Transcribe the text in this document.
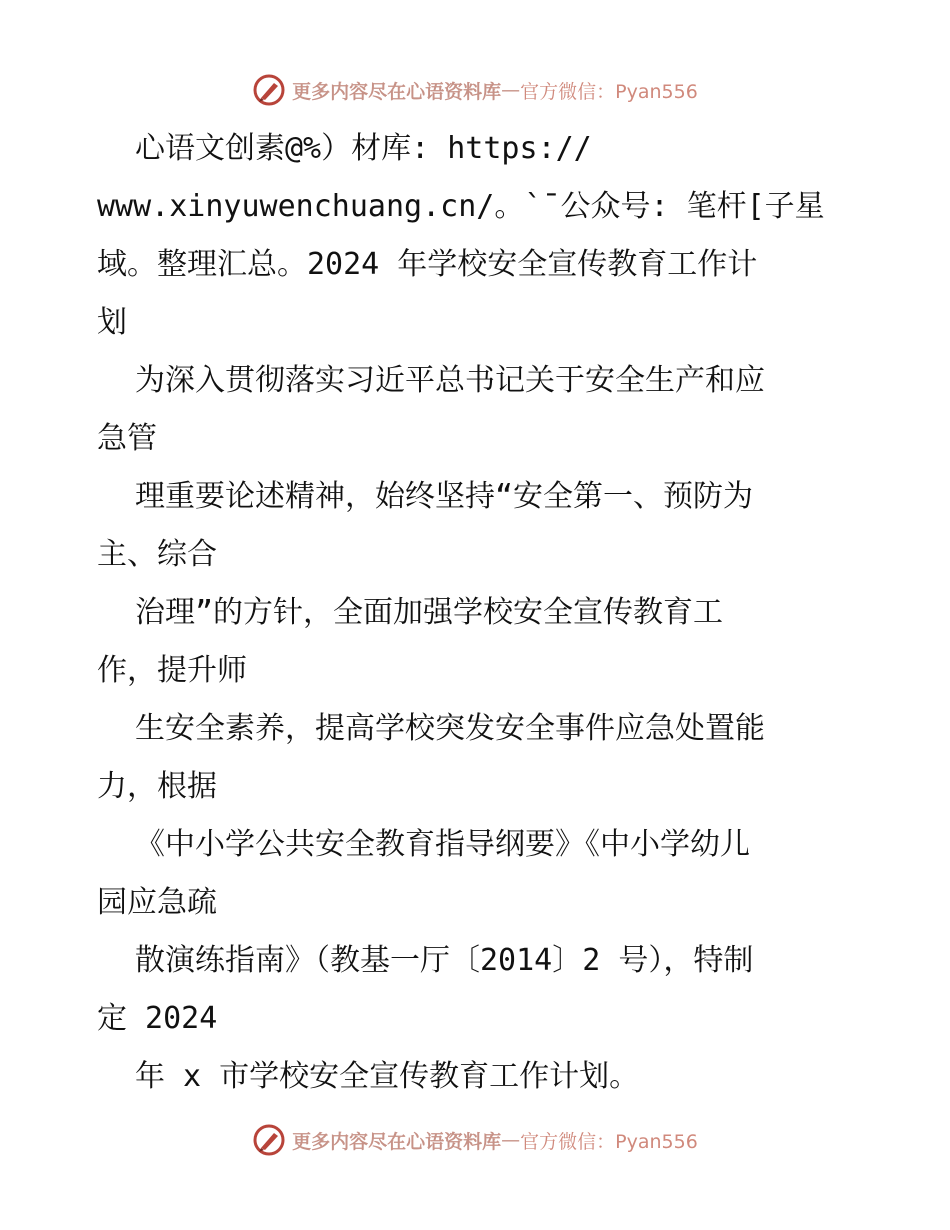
更多内容尽在心语资料库 — 官方微信：Pyan556
心语文创素@%）材库: https://
www.xinyuwenchuang.cn/。`¯公众号: 笔杆[子星
域。整理汇总。2024 年学校安全宣传教育工作计
划
为深入贯彻落实习近平总书记关于安全生产和应
急管
理重要论述精神，始终坚持“安全第一、预防为
主、综合
治理”的方针，全面加强学校安全宣传教育工
作，提升师
生安全素养，提高学校突发安全事件应急处置能
力，根据
《中小学公共安全教育指导纲要》《中小学幼儿
园应急疏
散演练指南》（教基一厅〔2014〕2 号），特制
定 2024
年 x 市学校安全宣传教育工作计划。
更多内容尽在心语资料库 — 官方微信：Pyan556
